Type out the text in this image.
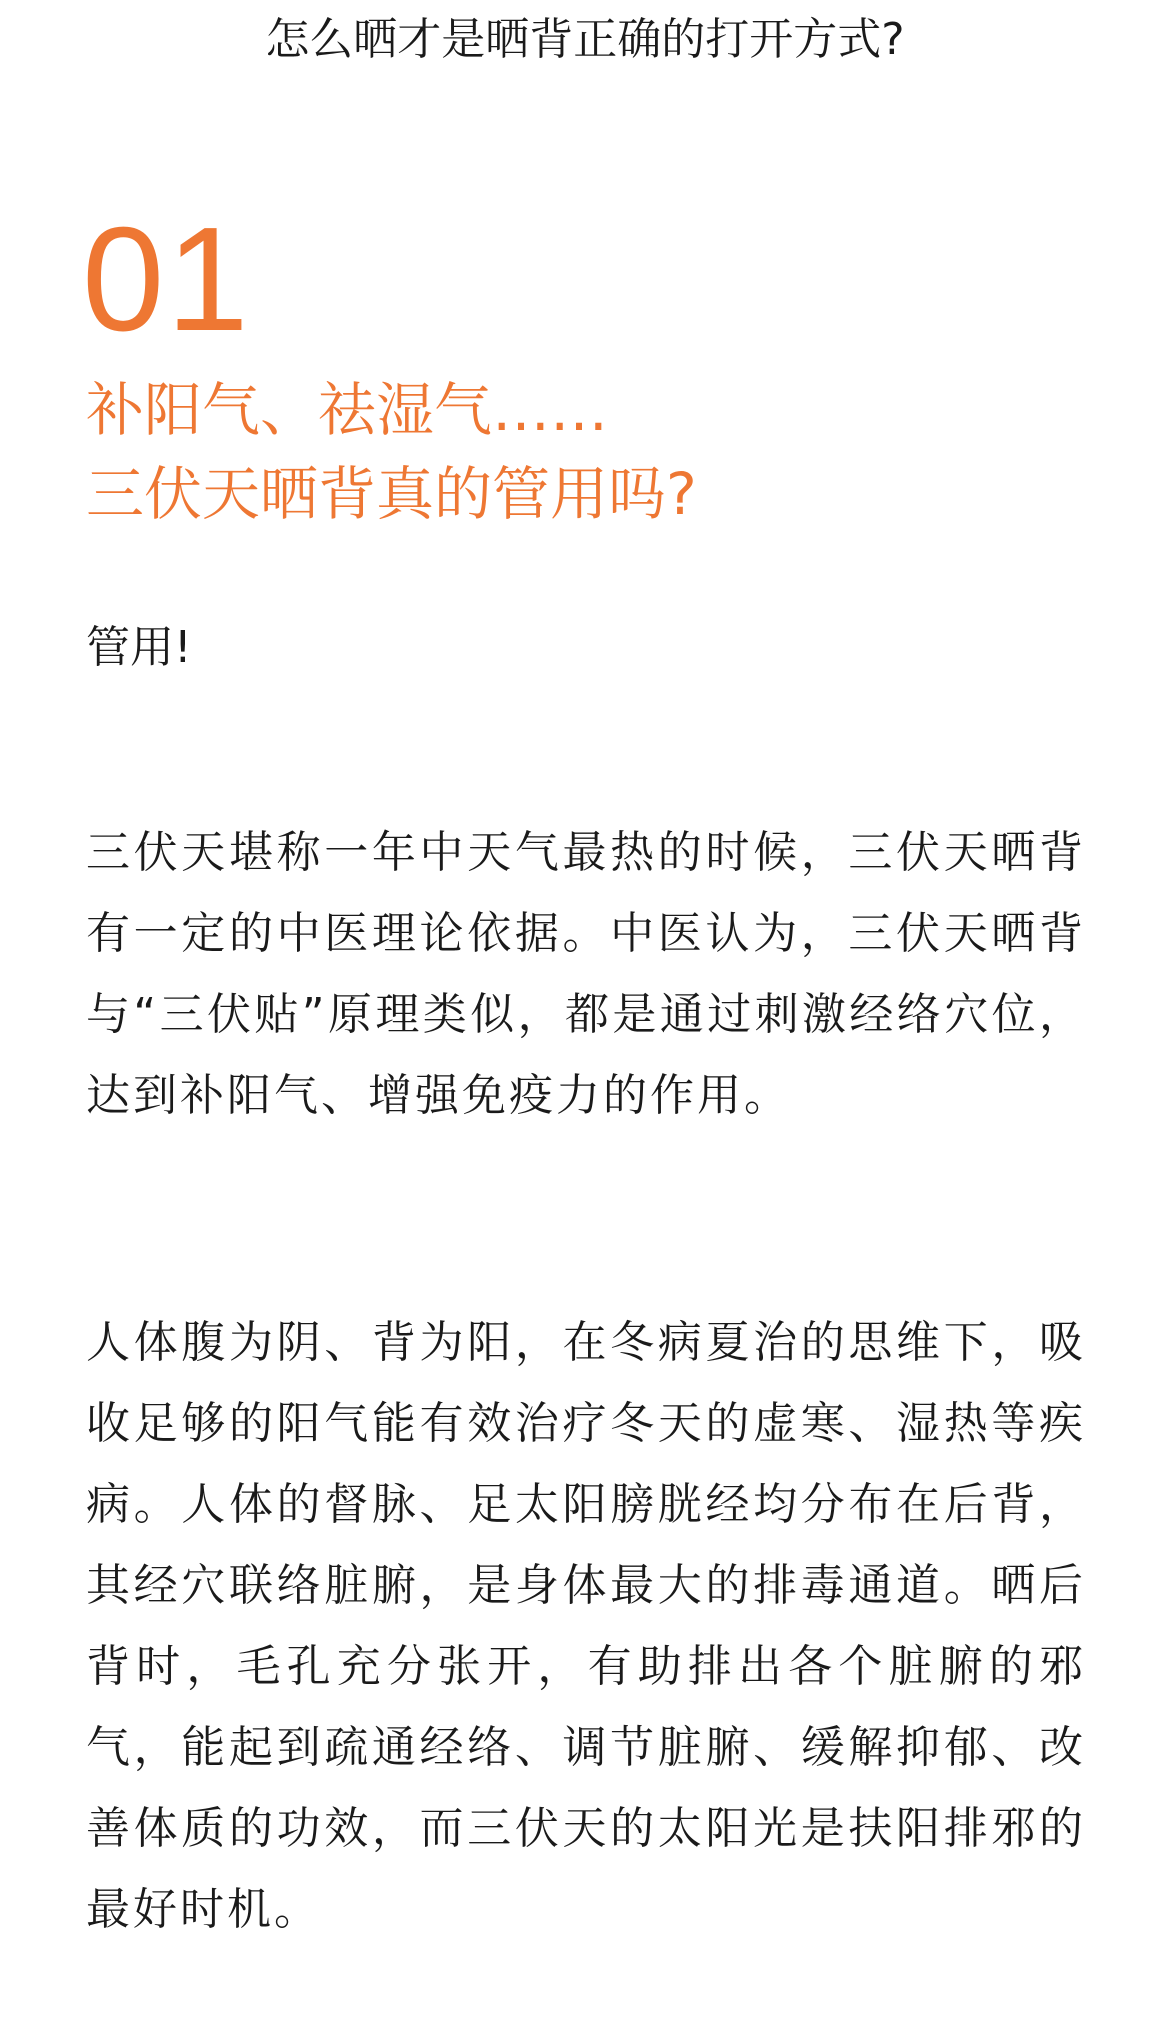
怎么晒才是晒背正确的打开方式?
01
补阳气、祛湿气……
三伏天晒背真的管用吗?
管用!

三伏天堪称一年中天气最热的时候，三伏天晒背有一定的中医理论依据。中医认为，三伏天晒背与“三伏贴”原理类似，都是通过刺激经络穴位，达到补阳气、增强免疫力的作用。

人体腹为阴、背为阳，在冬病夏治的思维下，吸收足够的阳气能有效治疗冬天的虚寒、湿热等疾病。人体的督脉、足太阳膀胱经均分布在后背，其经穴联络脏腑，是身体最大的排毒通道。晒后背时，毛孔充分张开，有助排出各个脏腑的邪气，能起到疏通经络、调节脏腑、缓解抑郁、改善体质的功效，而三伏天的太阳光是扶阳排邪的最好时机。
